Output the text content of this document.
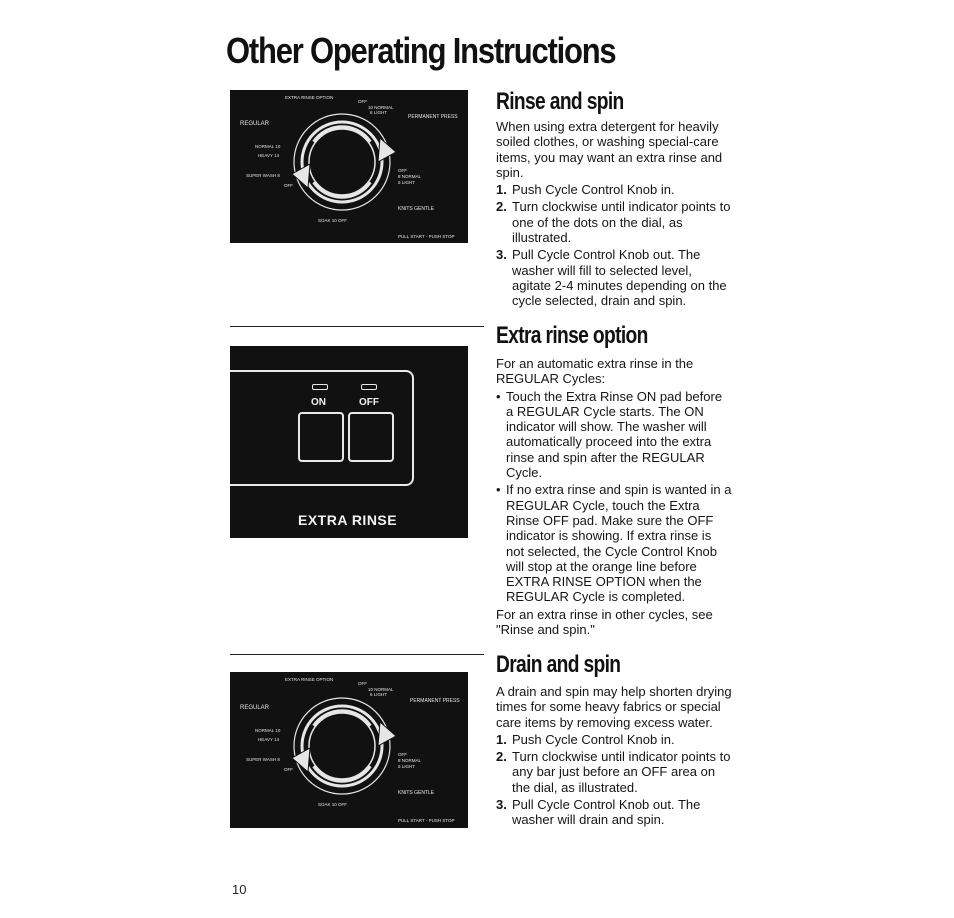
Other Operating Instructions
EXTRA RINSE OPTION
OFF
10 NORMAL
6 LIGHT
REGULAR
PERMANENT PRESS
NORMAL 10
HEAVY 14
SUPER WASH 8
OFF
OFF
8 NORMAL
5 LIGHT
KNITS GENTLE
SOAK 10 OFF
PULL START - PUSH STOP
Rinse and spin

When using extra detergent for heavily soiled clothes, or washing special-care items, you may want an extra rinse and spin.

1. Push Cycle Control Knob in.
2. Turn clockwise until indicator points to one of the dots on the dial, as illustrated.
3. Pull Cycle Control Knob out. The washer will fill to selected level, agitate 2-4 minutes depending on the cycle selected, drain and spin.
ON	OFF
EXTRA RINSE
Extra rinse option

For an automatic extra rinse in the REGULAR Cycles:

• Touch the Extra Rinse ON pad before a REGULAR Cycle starts. The ON indicator will show. The washer will automatically proceed into the extra rinse and spin after the REGULAR Cycle.
• If no extra rinse and spin is wanted in a REGULAR Cycle, touch the Extra Rinse OFF pad. Make sure the OFF indicator is showing. If extra rinse is not selected, the Cycle Control Knob will stop at the orange line before EXTRA RINSE OPTION when the REGULAR Cycle is completed.

For an extra rinse in other cycles, see "Rinse and spin."

EXTRA RINSE OPTION
OFF
10 NORMAL
6 LIGHT
REGULAR
PERMANENT PRESS
NORMAL 10
HEAVY 14
SUPER WASH 8
OFF
OFF
8 NORMAL
5 LIGHT
KNITS GENTLE
SOAK 10 OFF
PULL START - PUSH STOP
Drain and spin

A drain and spin may help shorten drying times for some heavy fabrics or special care items by removing excess water.

1. Push Cycle Control Knob in.
2. Turn clockwise until indicator points to any bar just before an OFF area on the dial, as illustrated.
3. Pull Cycle Control Knob out. The washer will drain and spin.
10
